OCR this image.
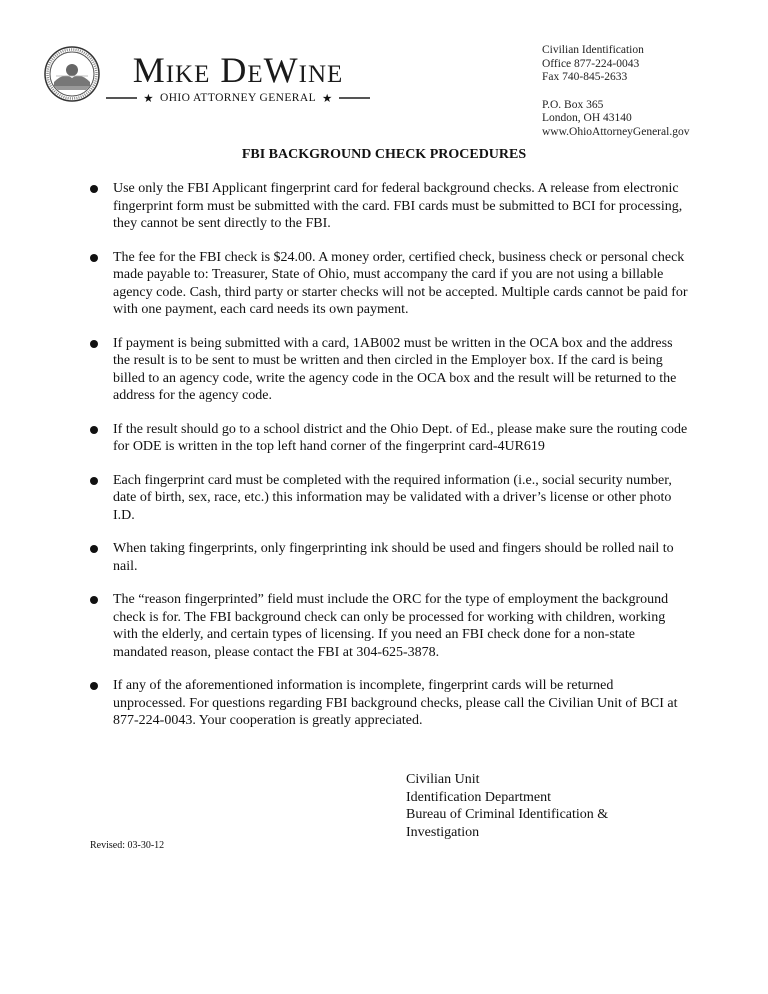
Mike DeWine
★ OHIO ATTORNEY GENERAL ★
Civilian Identification
Office 877-224-0043
Fax 740-845-2633
P.O. Box 365
London, OH 43140
www.OhioAttorneyGeneral.gov
FBI BACKGROUND CHECK PROCEDURES
Use only the FBI Applicant fingerprint card for federal background checks. A release from electronic fingerprint form must be submitted with the card. FBI cards must be submitted to BCI for processing, they cannot be sent directly to the FBI.
The fee for the FBI check is $24.00. A money order, certified check, business check or personal check made payable to: Treasurer, State of Ohio, must accompany the card if you are not using a billable agency code. Cash, third party or starter checks will not be accepted. Multiple cards cannot be paid for with one payment, each card needs its own payment.
If payment is being submitted with a card, 1AB002 must be written in the OCA box and the address the result is to be sent to must be written and then circled in the Employer box. If the card is being billed to an agency code, write the agency code in the OCA box and the result will be returned to the address for the agency code.
If the result should go to a school district and the Ohio Dept. of Ed., please make sure the routing code for ODE is written in the top left hand corner of the fingerprint card-4UR619
Each fingerprint card must be completed with the required information (i.e., social security number, date of birth, sex, race, etc.) this information may be validated with a driver’s license or other photo I.D.
When taking fingerprints, only fingerprinting ink should be used and fingers should be rolled nail to nail.
The “reason fingerprinted” field must include the ORC for the type of employment the background check is for. The FBI background check can only be processed for working with children, working with the elderly, and certain types of licensing. If you need an FBI check done for a non-state mandated reason, please contact the FBI at 304-625-3878.
If any of the aforementioned information is incomplete, fingerprint cards will be returned unprocessed. For questions regarding FBI background checks, please call the Civilian Unit of BCI at 877-224-0043. Your cooperation is greatly appreciated.
Civilian Unit
Identification Department
Bureau of Criminal Identification &
Investigation
Revised: 03-30-12
